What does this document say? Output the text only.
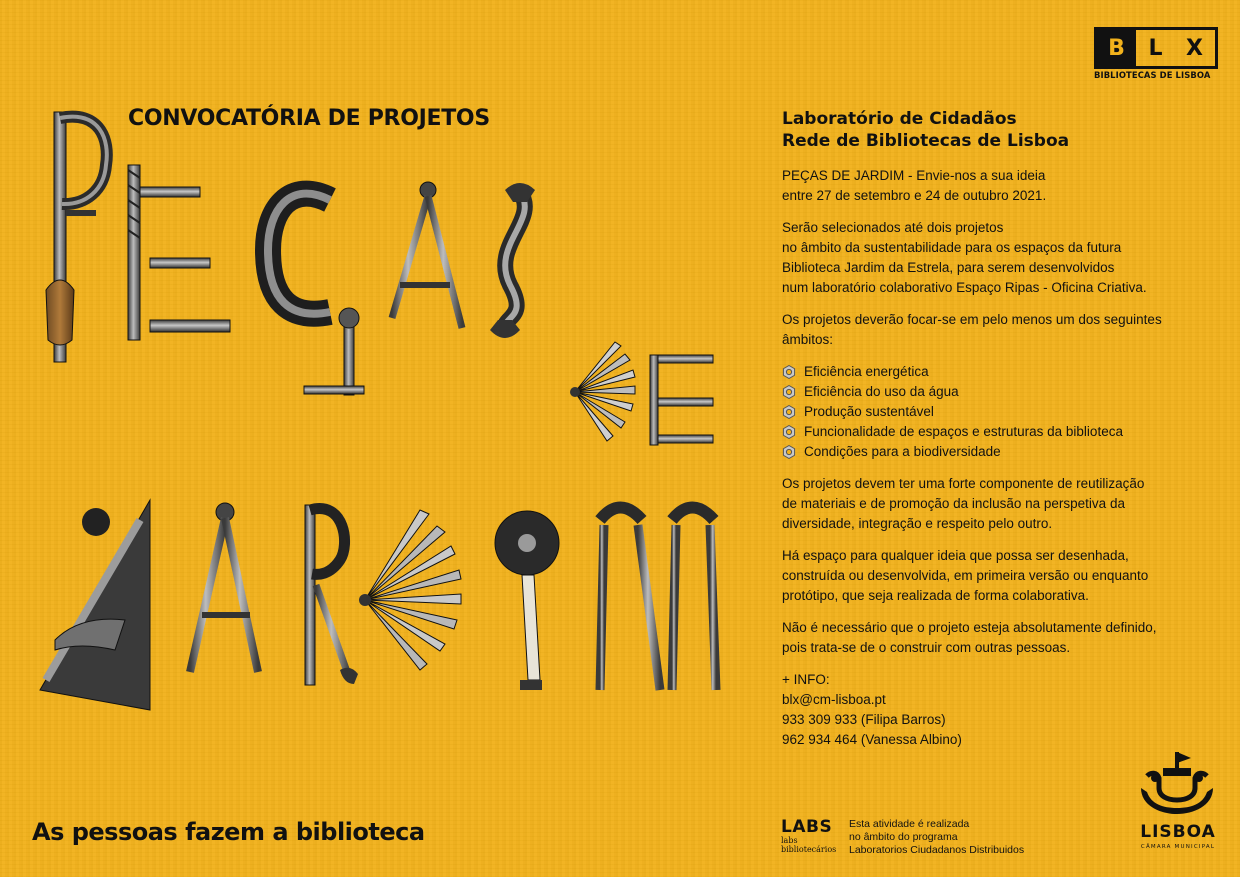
B	L	X
BIBLIOTECAS DE LISBOA
CONVOCATÓRIA DE PROJETOS
As pessoas fazem a biblioteca

Laboratório de Cidadãos

Rede de Bibliotecas de Lisboa

PEÇAS DE JARDIM - Envie-nos a sua ideia

entre 27 de setembro e 24 de outubro 2021.

Serão selecionados até dois projetos

no âmbito da sustentabilidade para os espaços da futura

Biblioteca Jardim da Estrela, para serem desenvolvidos

num laboratório colaborativo Espaço Ripas - Oficina Criativa.

Os projetos deverão focar-se em pelo menos um dos seguintes

âmbitos:

Eficiência energética
Eficiência do uso da água
Produção sustentável
Funcionalidade de espaços e estruturas da biblioteca
Condições para a biodiversidade

Os projetos devem ter uma forte componente de reutilização

de materiais e de promoção da inclusão na perspetiva da

diversidade, integração e respeito pelo outro.

Há espaço para qualquer ideia que possa ser desenhada,

construída ou desenvolvida, em primeira versão ou enquanto

protótipo, que seja realizada de forma colaborativa.

Não é necessário que o projeto esteja absolutamente definido,

pois trata-se de o construir com outras pessoas.

+ INFO:

blx@cm-lisboa.pt

933 309 933 (Filipa Barros)

962 934 464 (Vanessa Albino)

LABS
labs
bibliotecários
Esta atividade é realizada
no âmbito do programa
Laboratorios Ciudadanos Distribuidos
LISBOA
CÂMARA MUNICIPAL
